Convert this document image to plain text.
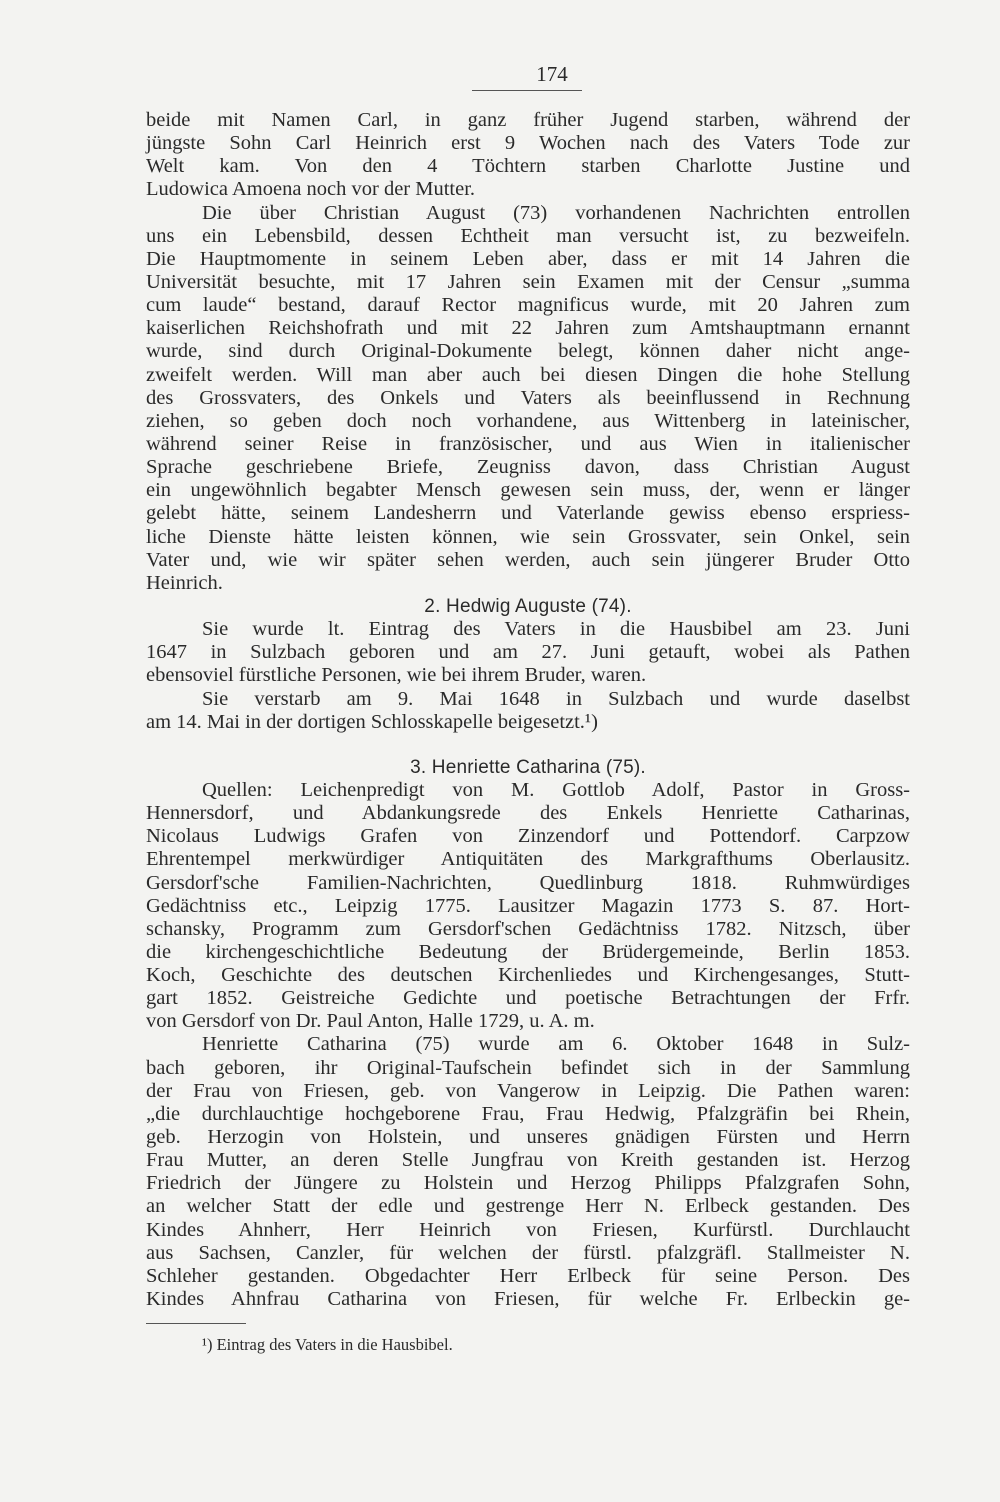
174
beide mit Namen Carl, in ganz früher Jugend starben, während der
jüngste Sohn Carl Heinrich erst 9 Wochen nach des Vaters Tode zur
Welt kam. Von den 4 Töchtern starben Charlotte Justine und
Ludowica Amoena noch vor der Mutter.
Die über Christian August (73) vorhandenen Nachrichten entrollen
uns ein Lebensbild, dessen Echtheit man versucht ist, zu bezweifeln.
Die Hauptmomente in seinem Leben aber, dass er mit 14 Jahren die
Universität besuchte, mit 17 Jahren sein Examen mit der Censur „summa
cum laude“ bestand, darauf Rector magnificus wurde, mit 20 Jahren zum
kaiserlichen Reichshofrath und mit 22 Jahren zum Amtshauptmann ernannt
wurde, sind durch Original-Dokumente belegt, können daher nicht ange-
zweifelt werden. Will man aber auch bei diesen Dingen die hohe Stellung
des Grossvaters, des Onkels und Vaters als beeinflussend in Rechnung
ziehen, so geben doch noch vorhandene, aus Wittenberg in lateinischer,
während seiner Reise in französischer, und aus Wien in italienischer
Sprache geschriebene Briefe, Zeugniss davon, dass Christian August
ein ungewöhnlich begabter Mensch gewesen sein muss, der, wenn er länger
gelebt hätte, seinem Landesherrn und Vaterlande gewiss ebenso erspriess-
liche Dienste hätte leisten können, wie sein Grossvater, sein Onkel, sein
Vater und, wie wir später sehen werden, auch sein jüngerer Bruder Otto
Heinrich.
2. Hedwig Auguste (74).
Sie wurde lt. Eintrag des Vaters in die Hausbibel am 23. Juni
1647 in Sulzbach geboren und am 27. Juni getauft, wobei als Pathen
ebensoviel fürstliche Personen, wie bei ihrem Bruder, waren.
Sie verstarb am 9. Mai 1648 in Sulzbach und wurde daselbst
am 14. Mai in der dortigen Schlosskapelle beigesetzt.¹)
3. Henriette Catharina (75).
Quellen: Leichenpredigt von M. Gottlob Adolf, Pastor in Gross-
Hennersdorf, und Abdankungsrede des Enkels Henriette Catharinas,
Nicolaus Ludwigs Grafen von Zinzendorf und Pottendorf. Carpzow
Ehrentempel merkwürdiger Antiquitäten des Markgrafthums Oberlausitz.
Gersdorf'sche Familien-Nachrichten, Quedlinburg 1818. Ruhmwürdiges
Gedächtniss etc., Leipzig 1775. Lausitzer Magazin 1773 S. 87. Hort-
schansky, Programm zum Gersdorf'schen Gedächtniss 1782. Nitzsch, über
die kirchengeschichtliche Bedeutung der Brüdergemeinde, Berlin 1853.
Koch, Geschichte des deutschen Kirchenliedes und Kirchengesanges, Stutt-
gart 1852. Geistreiche Gedichte und poetische Betrachtungen der Frfr.
von Gersdorf von Dr. Paul Anton, Halle 1729, u. A. m.
Henriette Catharina (75) wurde am 6. Oktober 1648 in Sulz-
bach geboren, ihr Original-Taufschein befindet sich in der Sammlung
der Frau von Friesen, geb. von Vangerow in Leipzig. Die Pathen waren:
„die durchlauchtige hochgeborene Frau, Frau Hedwig, Pfalzgräfin bei Rhein,
geb. Herzogin von Holstein, und unseres gnädigen Fürsten und Herrn
Frau Mutter, an deren Stelle Jungfrau von Kreith gestanden ist. Herzog
Friedrich der Jüngere zu Holstein und Herzog Philipps Pfalzgrafen Sohn,
an welcher Statt der edle und gestrenge Herr N. Erlbeck gestanden. Des
Kindes Ahnherr, Herr Heinrich von Friesen, Kurfürstl. Durchlaucht
aus Sachsen, Canzler, für welchen der fürstl. pfalzgräfl. Stallmeister N.
Schleher gestanden. Obgedachter Herr Erlbeck für seine Person. Des
Kindes Ahnfrau Catharina von Friesen, für welche Fr. Erlbeckin ge-
¹) Eintrag des Vaters in die Hausbibel.
